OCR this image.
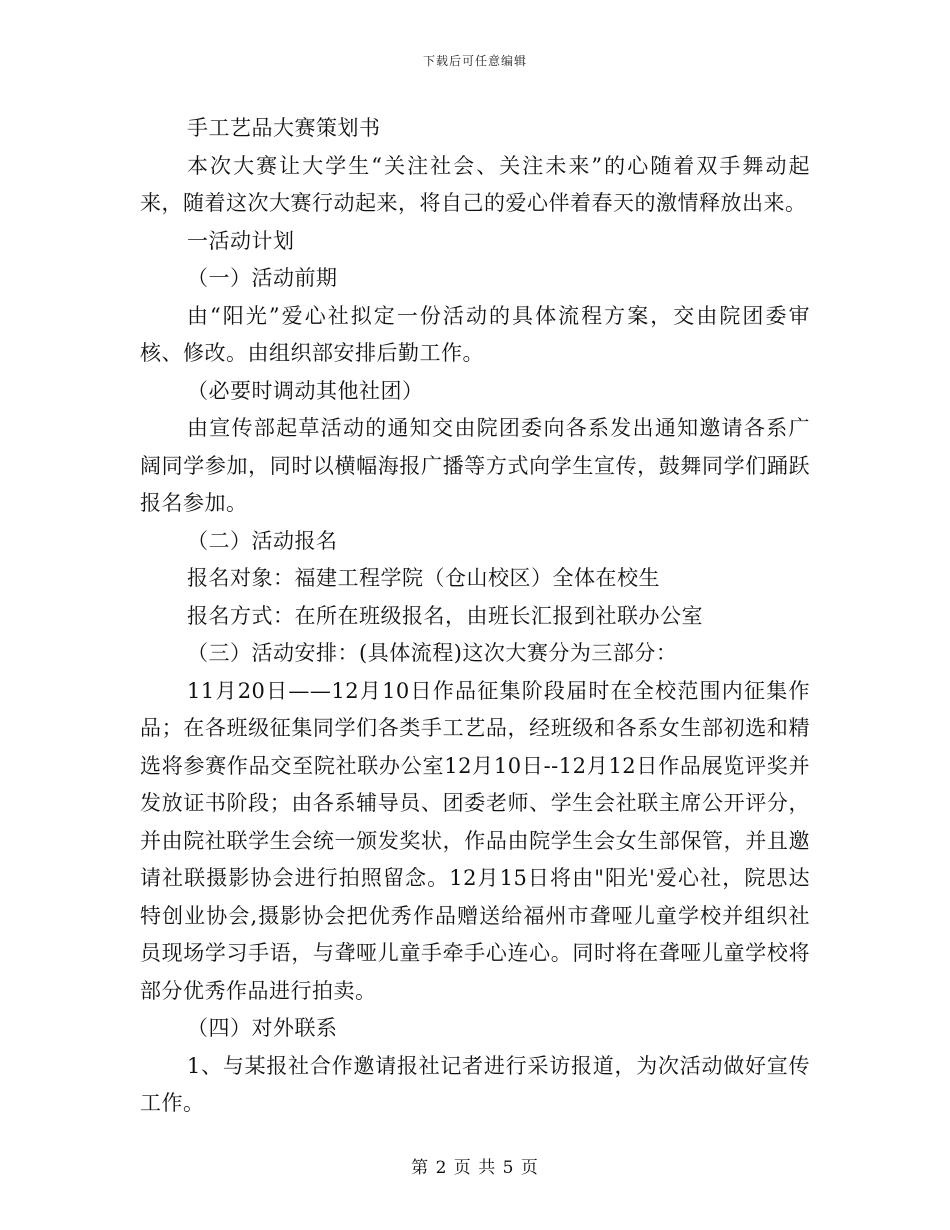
下载后可任意编辑

手工艺品大赛策划书

本次大赛让大学生“关注社会、关注未来”的心随着双手舞动起来，随着这次大赛行动起来，将自己的爱心伴着春天的激情释放出来。

一活动计划

（一）活动前期

由“阳光”爱心社拟定一份活动的具体流程方案，交由院团委审核、修改。由组织部安排后勤工作。

（必要时调动其他社团）

由宣传部起草活动的通知交由院团委向各系发出通知邀请各系广阔同学参加，同时以横幅海报广播等方式向学生宣传，鼓舞同学们踊跃报名参加。

（二）活动报名

报名对象：福建工程学院（仓山校区）全体在校生

报名方式：在所在班级报名，由班长汇报到社联办公室

（三）活动安排：(具体流程)这次大赛分为三部分：

11月20日——12月10日作品征集阶段届时在全校范围内征集作品；在各班级征集同学们各类手工艺品，经班级和各系女生部初选和精选将参赛作品交至院社联办公室12月10日--12月12日作品展览评奖并发放证书阶段；由各系辅导员、团委老师、学生会社联主席公开评分，并由院社联学生会统一颁发奖状，作品由院学生会女生部保管，并且邀请社联摄影协会进行拍照留念。12月15日将由"阳光'爱心社，院思达特创业协会,摄影协会把优秀作品赠送给福州市聋哑儿童学校并组织社员现场学习手语，与聋哑儿童手牵手心连心。同时将在聋哑儿童学校将部分优秀作品进行拍卖。

（四）对外联系

1、与某报社合作邀请报社记者进行采访报道，为次活动做好宣传工作。

第 2 页 共 5 页
